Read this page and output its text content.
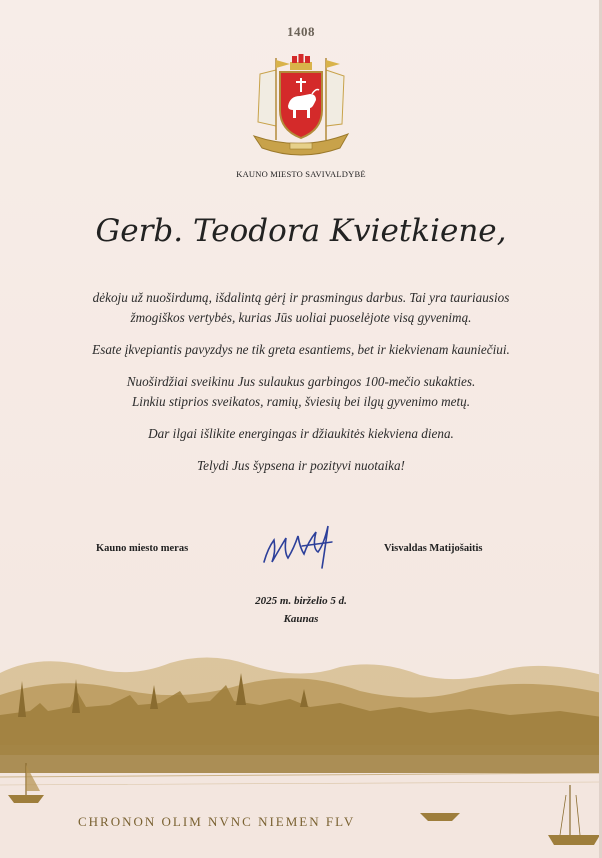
1408
KAUNO MIESTO SAVIVALDYBĖ
Gerb. Teodora Kvietkiene,

dėkoju už nuoširdumą, išdalintą gėrį ir prasmingus darbus. Tai yra tauriausios
žmogiškos vertybės, kurias Jūs uoliai puoselėjote visą gyvenimą.

Esate įkvepiantis pavyzdys ne tik greta esantiems, bet ir kiekvienam kauniečiui.

Nuoširdžiai sveikinu Jus sulaukus garbingos 100-mečio sukakties.
Linkiu stiprios sveikatos, ramių, šviesių bei ilgų gyvenimo metų.

Dar ilgai išlikite energingas ir džiaukitės kiekviena diena.

Telydi Jus šypsena ir pozityvi nuotaika!

Kauno miesto meras	Visvaldas Matijošaitis
2025 m. birželio 5 d.
Kaunas
CHRONON OLIM NVNC NIEMEN FLV
